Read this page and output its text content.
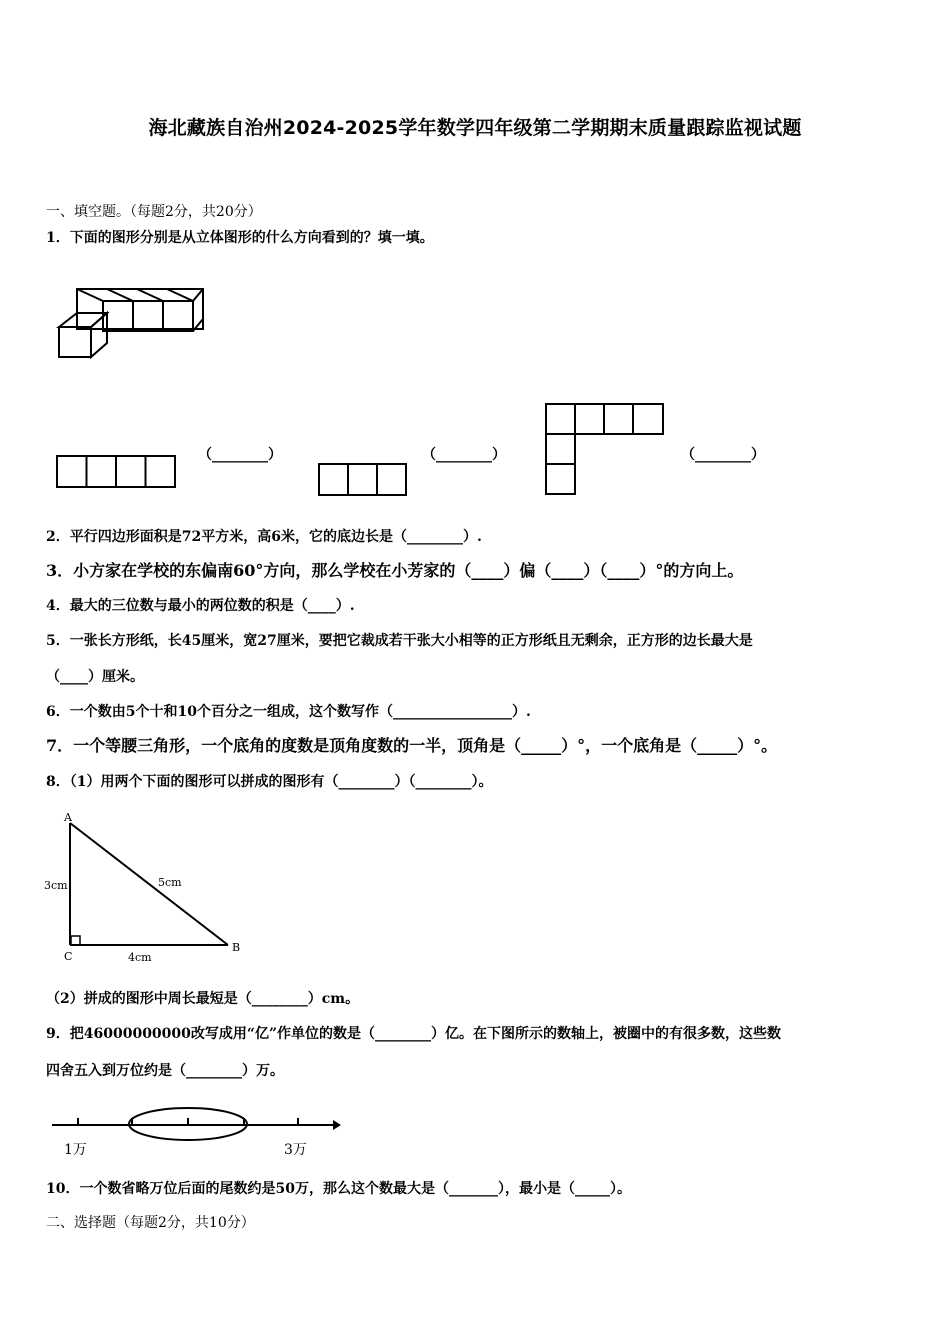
海北藏族自治州2024-2025学年数学四年级第二学期期末质量跟踪监视试题
一、填空题。（每题2分，共20分）
1．下面的图形分别是从立体图形的什么方向看到的？填一填。
（________）	（________）	（________）
2．平行四边形面积是72平方米，高6米，它的底边长是（________）.
3．小方家在学校的东偏南60°方向，那么学校在小芳家的（____）偏（____）（____）°的方向上。
4．最大的三位数与最小的两位数的积是（____）.
5．一张长方形纸，长45厘米，宽27厘米，要把它裁成若干张大小相等的正方形纸且无剩余，正方形的边长最大是
（____）厘米。
6．一个数由5个十和10个百分之一组成，这个数写作（_________________）.
7．一个等腰三角形，一个底角的度数是顶角度数的一半，顶角是（_____）°，一个底角是（_____）°。
8．（1）用两个下面的图形可以拼成的图形有（________）（________）。
A
B
C
3cm	5cm
4cm
（2）拼成的图形中周长最短是（________）cm。
9．把46000000000改写成用“亿”作单位的数是（________）亿。在下图所示的数轴上，被圈中的有很多数，这些数
四舍五入到万位约是（________）万。
1万	3万
10．一个数省略万位后面的尾数约是50万，那么这个数最大是（_______），最小是（_____）。
二、选择题（每题2分，共10分）
